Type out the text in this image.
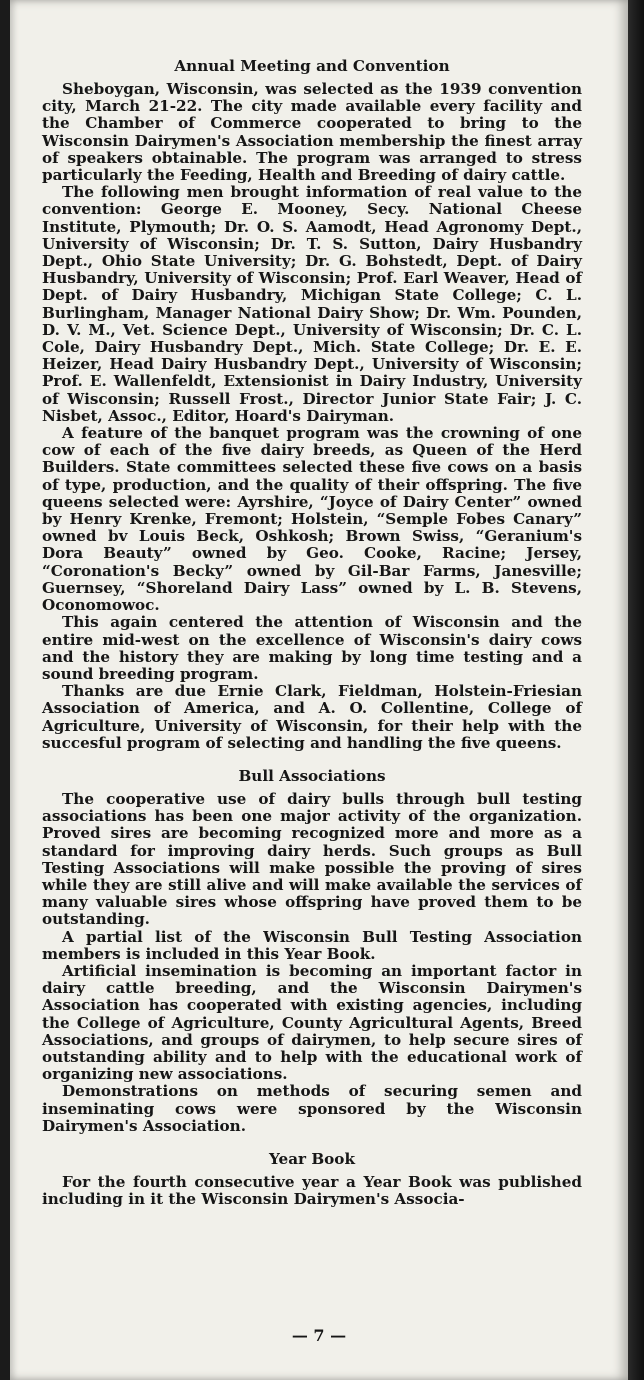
Annual Meeting and Convention

Sheboygan, Wisconsin, was selected as the 1939 convention city, March 21-22. The city made available every facility and the Chamber of Commerce cooperated to bring to the Wisconsin Dairymen's Association membership the finest array of speakers obtainable. The program was arranged to stress particularly the Feeding, Health and Breeding of dairy cattle.

The following men brought information of real value to the convention: George E. Mooney, Secy. National Cheese Institute, Plymouth; Dr. O. S. Aamodt, Head Agronomy Dept., University of Wisconsin; Dr. T. S. Sutton, Dairy Husbandry Dept., Ohio State University; Dr. G. Bohstedt, Dept. of Dairy Husbandry, University of Wisconsin; Prof. Earl Weaver, Head of Dept. of Dairy Husbandry, Michigan State College; C. L. Burlingham, Manager National Dairy Show; Dr. Wm. Pounden, D. V. M., Vet. Science Dept., University of Wisconsin; Dr. C. L. Cole, Dairy Husbandry Dept., Mich. State College; Dr. E. E. Heizer, Head Dairy Husbandry Dept., University of Wisconsin; Prof. E. Wallenfeldt, Extensionist in Dairy Industry, University of Wisconsin; Russell Frost., Director Junior State Fair; J. C. Nisbet, Assoc., Editor, Hoard's Dairyman.

A feature of the banquet program was the crowning of one cow of each of the five dairy breeds, as Queen of the Herd Builders. State committees selected these five cows on a basis of type, production, and the quality of their offspring. The five queens selected were: Ayrshire, “Joyce of Dairy Center” owned by Henry Krenke, Fremont; Holstein, “Semple Fobes Canary” owned bv Louis Beck, Oshkosh; Brown Swiss, “Geranium's Dora Beauty” owned by Geo. Cooke, Racine; Jersey, “Coronation's Becky” owned by Gil-Bar Farms, Janesville; Guernsey, “Shoreland Dairy Lass” owned by L. B. Stevens, Oconomowoc.

This again centered the attention of Wisconsin and the entire mid-west on the excellence of Wisconsin's dairy cows and the history they are making by long time testing and a sound breeding program.

Thanks are due Ernie Clark, Fieldman, Holstein-Friesian Association of America, and A. O. Collentine, College of Agriculture, University of Wisconsin, for their help with the succesful program of selecting and handling the five queens.

Bull Associations

The cooperative use of dairy bulls through bull testing associations has been one major activity of the organization. Proved sires are becoming recognized more and more as a standard for improving dairy herds. Such groups as Bull Testing Associations will make possible the proving of sires while they are still alive and will make available the services of many valuable sires whose offspring have proved them to be outstanding.

A partial list of the Wisconsin Bull Testing Association members is included in this Year Book.

Artificial insemination is becoming an important factor in dairy cattle breeding, and the Wisconsin Dairymen's Association has cooperated with existing agencies, including the College of Agriculture, County Agricultural Agents, Breed Associations, and groups of dairymen, to help secure sires of outstanding ability and to help with the educational work of organizing new associations.

Demonstrations on methods of securing semen and inseminating cows were sponsored by the Wisconsin Dairymen's Association.

Year Book

For the fourth consecutive year a Year Book was published including in it the Wisconsin Dairymen's Associa-

— 7 —
